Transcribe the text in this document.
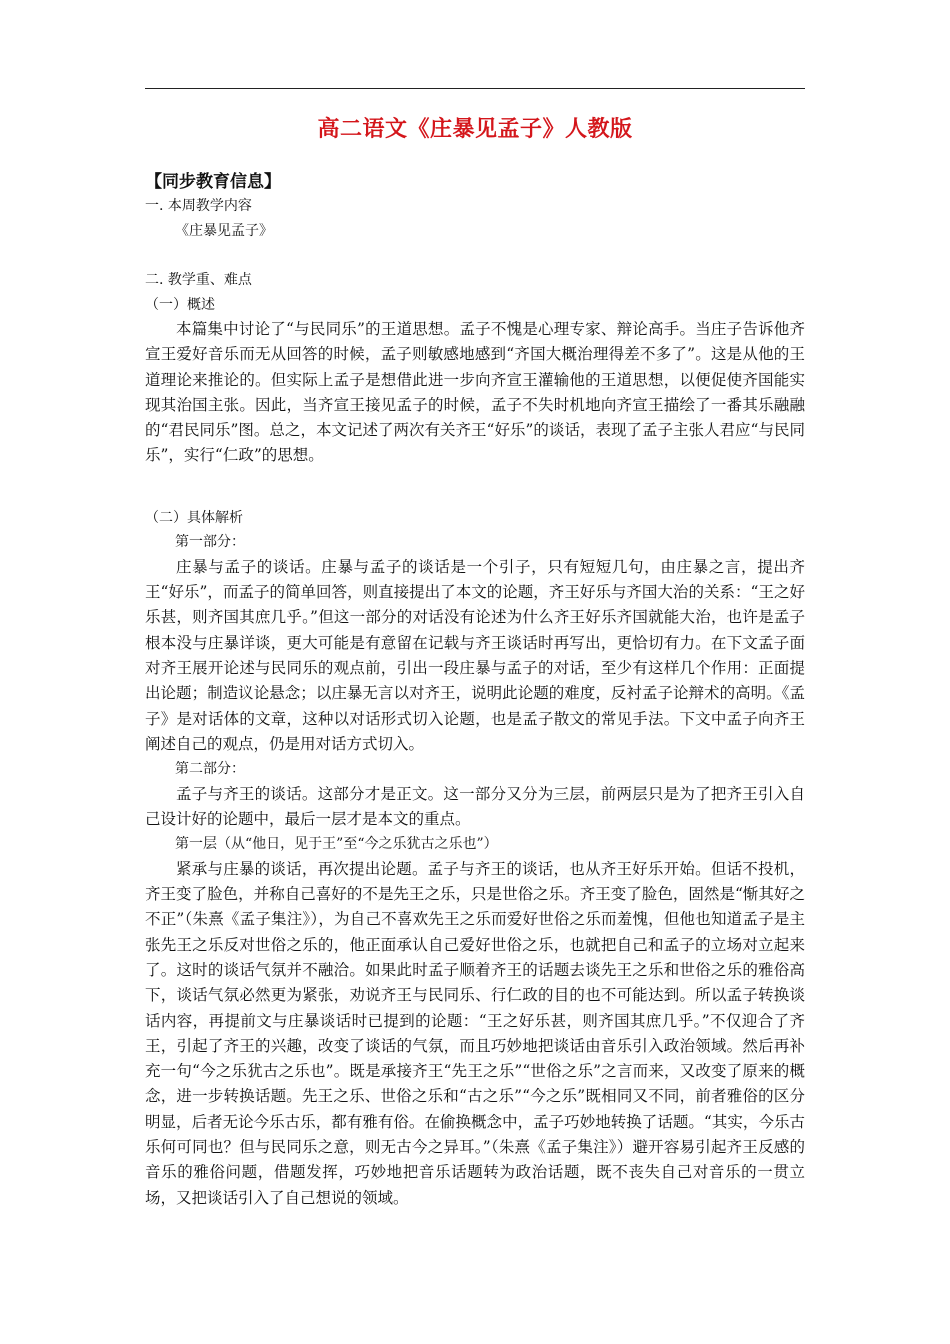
高二语文《庄暴见孟子》人教版

【同步教育信息】

一. 本周教学内容

《庄暴见孟子》

二. 教学重、难点

（一）概述

本篇集中讨论了“与民同乐”的王道思想。孟子不愧是心理专家、辩论高手。当庄子告诉他齐宣王爱好音乐而无从回答的时候，孟子则敏感地感到“齐国大概治理得差不多了”。这是从他的王道理论来推论的。但实际上孟子是想借此进一步向齐宣王灌输他的王道思想，以便促使齐国能实现其治国主张。因此，当齐宣王接见孟子的时候，孟子不失时机地向齐宣王描绘了一番其乐融融的“君民同乐”图。总之，本文记述了两次有关齐王“好乐”的谈话，表现了孟子主张人君应“与民同乐”，实行“仁政”的思想。

（二）具体解析

第一部分：

庄暴与孟子的谈话。庄暴与孟子的谈话是一个引子，只有短短几句，由庄暴之言，提出齐王“好乐”，而孟子的简单回答，则直接提出了本文的论题，齐王好乐与齐国大治的关系：“王之好乐甚，则齐国其庶几乎。”但这一部分的对话没有论述为什么齐王好乐齐国就能大治，也许是孟子根本没与庄暴详谈，更大可能是有意留在记载与齐王谈话时再写出，更恰切有力。在下文孟子面对齐王展开论述与民同乐的观点前，引出一段庄暴与孟子的对话，至少有这样几个作用：正面提出论题；制造议论悬念；以庄暴无言以对齐王，说明此论题的难度，反衬孟子论辩术的高明。《孟子》是对话体的文章，这种以对话形式切入论题，也是孟子散文的常见手法。下文中孟子向齐王阐述自己的观点，仍是用对话方式切入。

第二部分：

孟子与齐王的谈话。这部分才是正文。这一部分又分为三层，前两层只是为了把齐王引入自己设计好的论题中，最后一层才是本文的重点。

第一层（从“他日，见于王”至“今之乐犹古之乐也”）

紧承与庄暴的谈话，再次提出论题。孟子与齐王的谈话，也从齐王好乐开始。但话不投机，齐王变了脸色，并称自己喜好的不是先王之乐，只是世俗之乐。齐王变了脸色，固然是“惭其好之不正”（朱熹《孟子集注》），为自己不喜欢先王之乐而爱好世俗之乐而羞愧，但他也知道孟子是主张先王之乐反对世俗之乐的，他正面承认自己爱好世俗之乐，也就把自己和孟子的立场对立起来了。这时的谈话气氛并不融洽。如果此时孟子顺着齐王的话题去谈先王之乐和世俗之乐的雅俗高下，谈话气氛必然更为紧张，劝说齐王与民同乐、行仁政的目的也不可能达到。所以孟子转换谈话内容，再提前文与庄暴谈话时已提到的论题：“王之好乐甚，则齐国其庶几乎。”不仅迎合了齐王，引起了齐王的兴趣，改变了谈话的气氛，而且巧妙地把谈话由音乐引入政治领域。然后再补充一句“今之乐犹古之乐也”。既是承接齐王“先王之乐”“世俗之乐”之言而来，又改变了原来的概念，进一步转换话题。先王之乐、世俗之乐和“古之乐”“今之乐”既相同又不同，前者雅俗的区分明显，后者无论今乐古乐，都有雅有俗。在偷换概念中，孟子巧妙地转换了话题。“其实，今乐古乐何可同也？但与民同乐之意，则无古今之异耳。”（朱熹《孟子集注》）避开容易引起齐王反感的音乐的雅俗问题，借题发挥，巧妙地把音乐话题转为政治话题，既不丧失自己对音乐的一贯立场，又把谈话引入了自己想说的领域。
